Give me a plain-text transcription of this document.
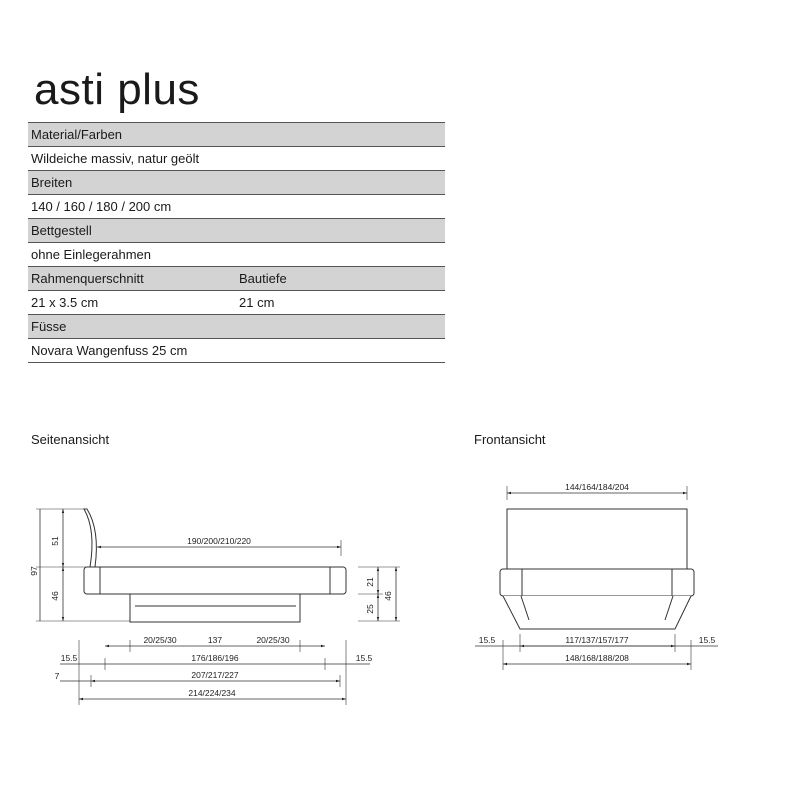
asti plus
Material/Farben
Wildeiche massiv, natur geölt
Breiten
140 / 160 / 180 / 200 cm
Bettgestell
ohne Einlegerahmen
Rahmenquerschnitt	Bautiefe
21 x 3.5 cm	21 cm
Füsse
Novara Wangenfuss 25 cm
Seitenansicht	Frontansicht
97
51
46
190/200/210/220
21
25
46
20/25/30	137	20/25/30
15.5	176/186/196	15.5
7	207/217/227
214/224/234
144/164/184/204
15.5	117/137/157/177	15.5
148/168/188/208
